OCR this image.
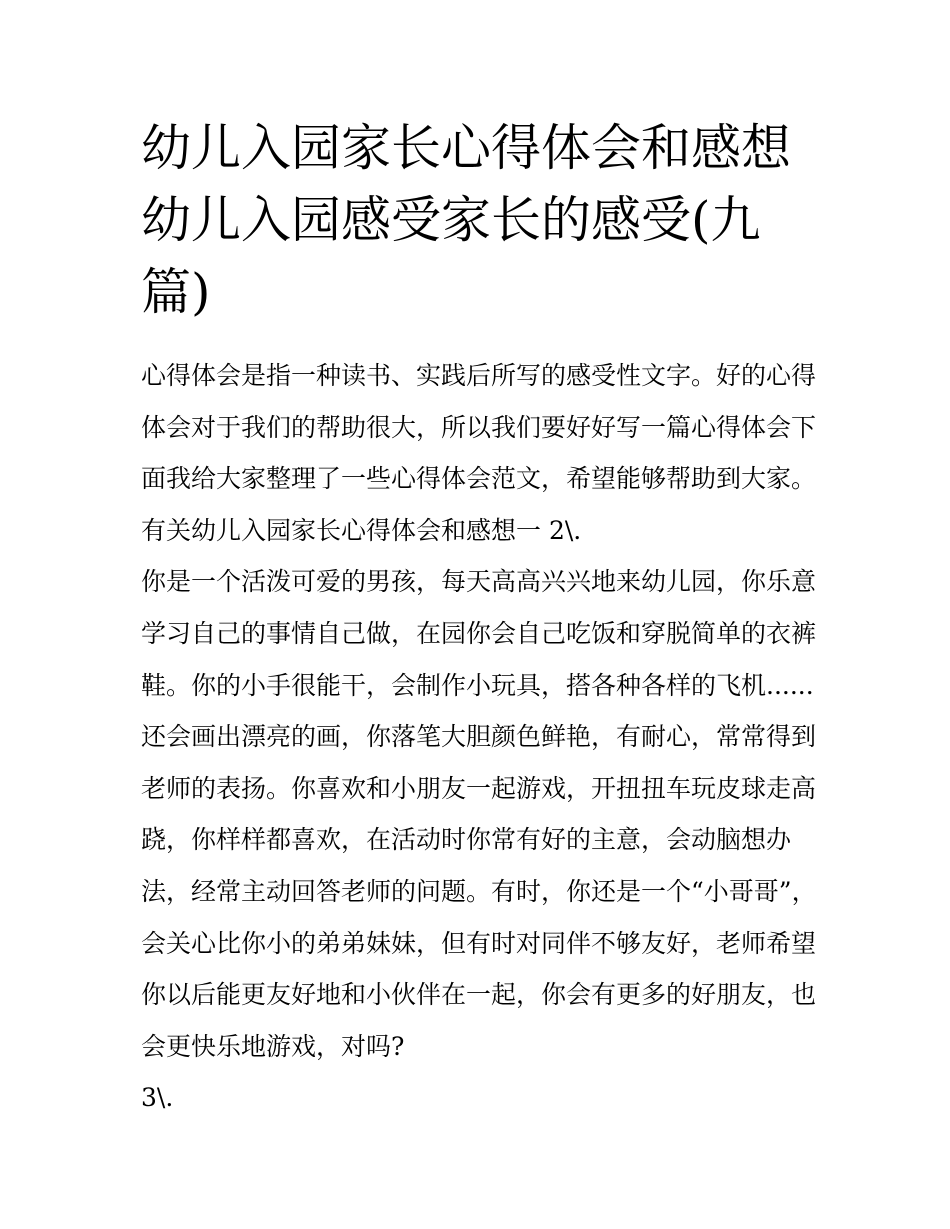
幼儿入园家长心得体会和感想
幼儿入园感受家长的感受(九
篇)
心得体会是指一种读书、实践后所写的感受性文字。好的心得
体会对于我们的帮助很大，所以我们要好好写一篇心得体会下
面我给大家整理了一些心得体会范文，希望能够帮助到大家。
有关幼儿入园家长心得体会和感想一 2\.
你是一个活泼可爱的男孩，每天高高兴兴地来幼儿园，你乐意
学习自己的事情自己做，在园你会自己吃饭和穿脱简单的衣裤
鞋。你的小手很能干，会制作小玩具，搭各种各样的飞机......
还会画出漂亮的画，你落笔大胆颜色鲜艳，有耐心，常常得到
老师的表扬。你喜欢和小朋友一起游戏，开扭扭车玩皮球走高
跷，你样样都喜欢，在活动时你常有好的主意，会动脑想办
法，经常主动回答老师的问题。有时，你还是一个“小哥哥”，
会关心比你小的弟弟妹妹，但有时对同伴不够友好，老师希望
你以后能更友好地和小伙伴在一起，你会有更多的好朋友，也
会更快乐地游戏，对吗?
3\.
